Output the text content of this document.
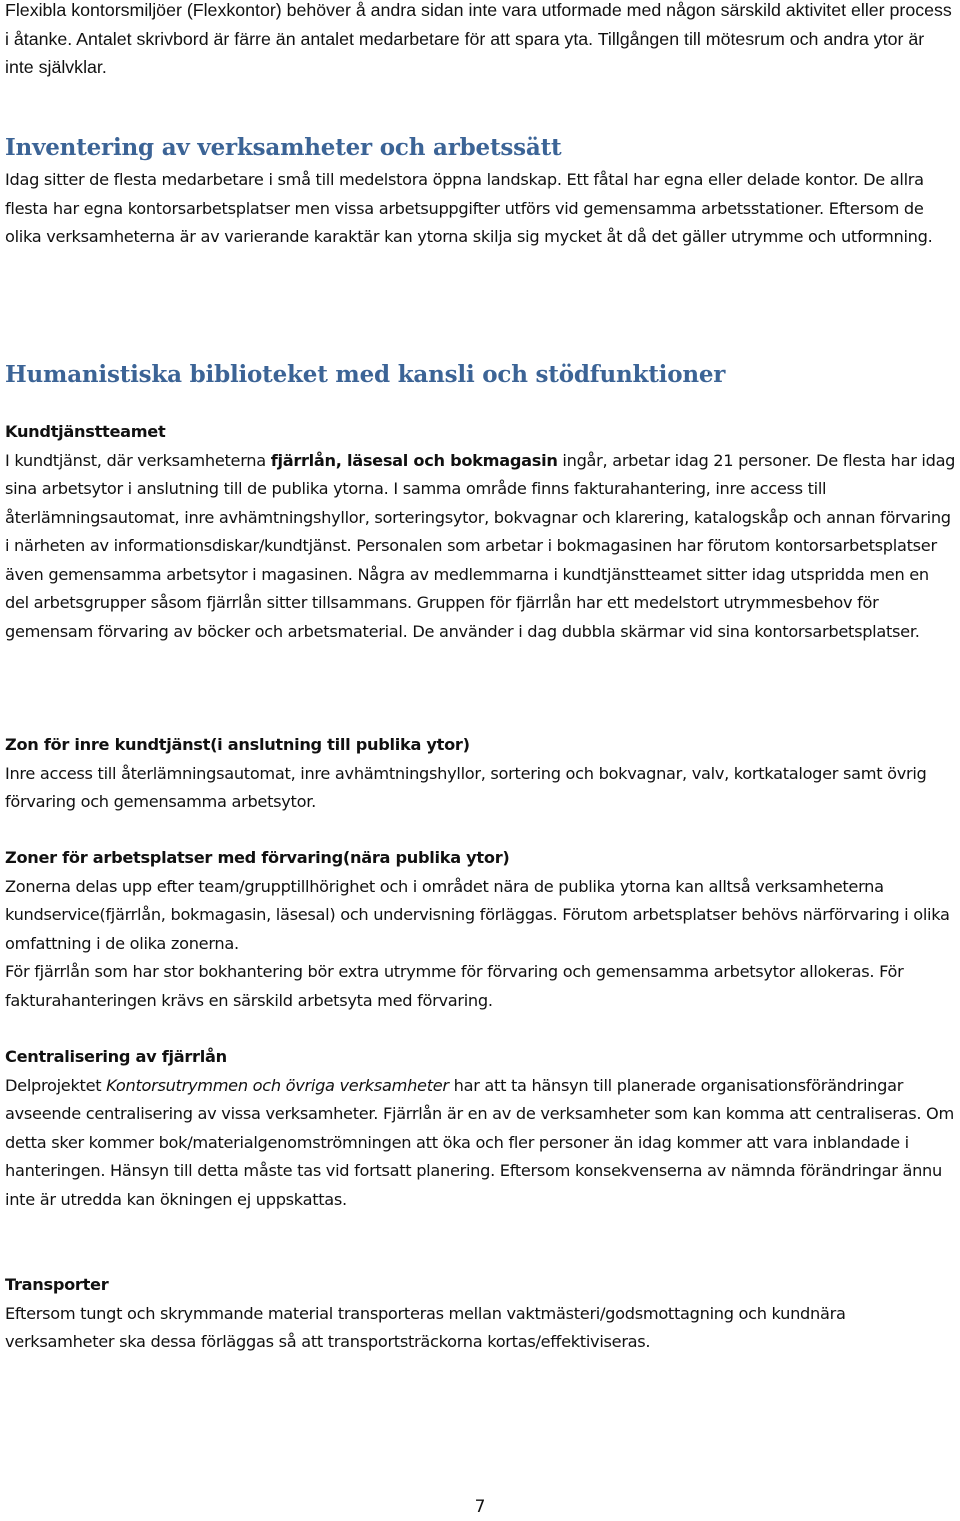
Flexibla kontorsmiljöer (Flexkontor) behöver å andra sidan inte vara utformade med någon särskild aktivitet eller process i åtanke. Antalet skrivbord är färre än antalet medarbetare för att spara yta. Tillgången till mötesrum och andra ytor är inte självklar.

Inventering av verksamheter och arbetssätt

Idag sitter de flesta medarbetare i små till medelstora öppna landskap. Ett fåtal har egna eller delade kontor. De allra flesta har egna kontorsarbetsplatser men vissa arbetsuppgifter utförs vid gemensamma arbetsstationer. Eftersom de olika verksamheterna är av varierande karaktär kan ytorna skilja sig mycket åt då det gäller utrymme och utformning.

Humanistiska biblioteket med kansli och stödfunktioner
Kundtjänstteamet

I kundtjänst, där verksamheterna fjärrlån, läsesal och bokmagasin ingår, arbetar idag 21 personer. De flesta har idag sina arbetsytor i anslutning till de publika ytorna. I samma område finns fakturahantering, inre access till återlämningsautomat, inre avhämtningshyllor, sorteringsytor, bokvagnar och klarering, katalogskåp och annan förvaring i närheten av informationsdiskar/kundtjänst. Personalen som arbetar i bokmagasinen har förutom kontorsarbetsplatser även gemensamma arbetsytor i magasinen. Några av medlemmarna i kundtjänstteamet sitter idag utspridda men en del arbetsgrupper såsom fjärrlån sitter tillsammans. Gruppen för fjärrlån har ett medelstort utrymmesbehov för gemensam förvaring av böcker och arbetsmaterial. De använder i dag dubbla skärmar vid sina kontorsarbetsplatser.

Zon för inre kundtjänst(i anslutning till publika ytor)

Inre access till återlämningsautomat, inre avhämtningshyllor, sortering och bokvagnar, valv, kortkataloger samt övrig förvaring och gemensamma arbetsytor.

Zoner för arbetsplatser med förvaring(nära publika ytor)

Zonerna delas upp efter team/grupptillhörighet och i området nära de publika ytorna kan alltså verksamheterna kundservice(fjärrlån, bokmagasin, läsesal) och undervisning förläggas. Förutom arbetsplatser behövs närförvaring i olika omfattning i de olika zonerna.

För fjärrlån som har stor bokhantering bör extra utrymme för förvaring och gemensamma arbetsytor allokeras. För fakturahanteringen krävs en särskild arbetsyta med förvaring.

Centralisering av fjärrlån

Delprojektet Kontorsutrymmen och övriga verksamheter har att ta hänsyn till planerade organisationsförändringar avseende centralisering av vissa verksamheter. Fjärrlån är en av de verksamheter som kan komma att centraliseras. Om detta sker kommer bok/materialgenomströmningen att öka och fler personer än idag kommer att vara inblandade i hanteringen. Hänsyn till detta måste tas vid fortsatt planering. Eftersom konsekvenserna av nämnda förändringar ännu inte är utredda kan ökningen ej uppskattas.

Transporter

Eftersom tungt och skrymmande material transporteras mellan vaktmästeri/godsmottagning och kundnära verksamheter ska dessa förläggas så att transportsträckorna kortas/effektiviseras.

7
